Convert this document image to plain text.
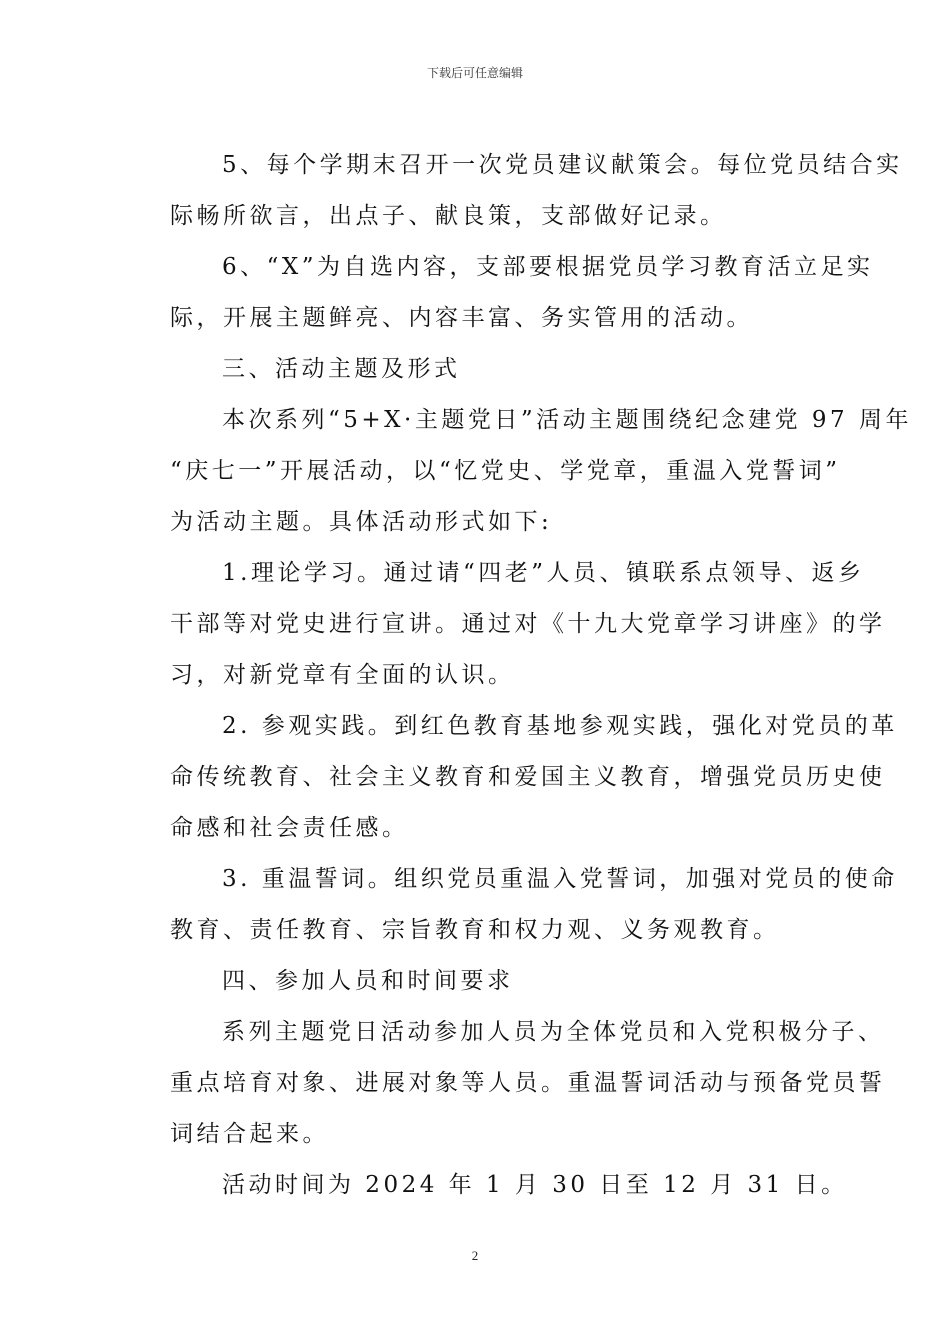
下载后可任意编辑
5、每个学期末召开一次党员建议献策会。每位党员结合实
际畅所欲言，出点子、献良策，支部做好记录。
6、“X”为自选内容，支部要根据党员学习教育活立足实
际，开展主题鲜亮、内容丰富、务实管用的活动。
三、活动主题及形式
本次系列“5+X·主题党日”活动主题围绕纪念建党 97 周年
“庆七一”开展活动，以“忆党史、学党章，重温入党誓词”
为活动主题。具体活动形式如下:
1.理论学习。通过请“四老”人员、镇联系点领导、返乡
干部等对党史进行宣讲。通过对《十九大党章学习讲座》的学
习，对新党章有全面的认识。
2. 参观实践。到红色教育基地参观实践，强化对党员的革
命传统教育、社会主义教育和爱国主义教育，增强党员历史使
命感和社会责任感。
3. 重温誓词。组织党员重温入党誓词，加强对党员的使命
教育、责任教育、宗旨教育和权力观、义务观教育。
四、参加人员和时间要求
系列主题党日活动参加人员为全体党员和入党积极分子、
重点培育对象、进展对象等人员。重温誓词活动与预备党员誓
词结合起来。
活动时间为 2024 年 1 月 30 日至 12 月 31 日。
2
